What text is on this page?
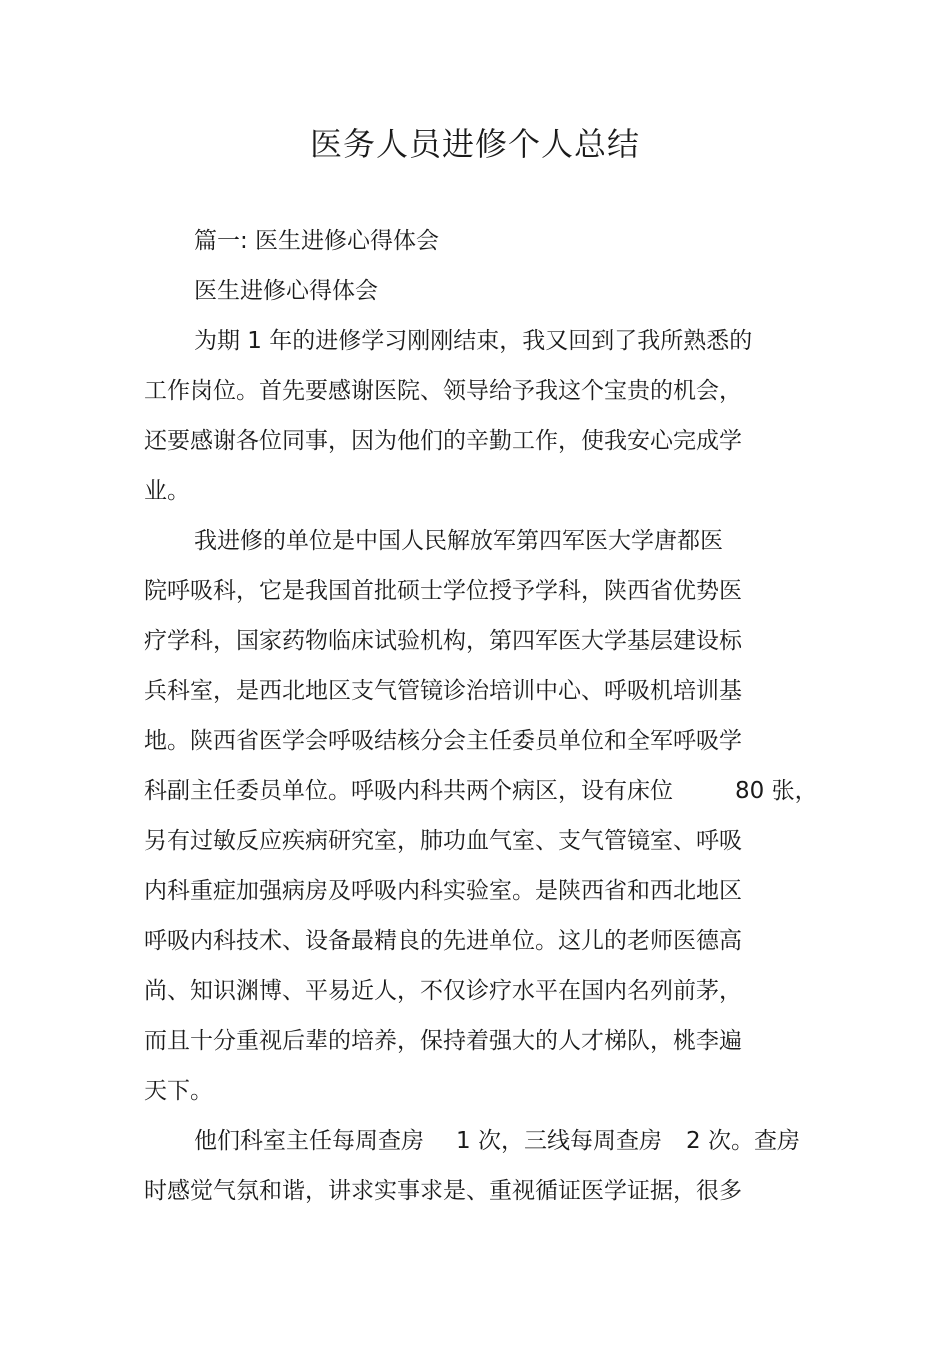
医务人员进修个人总结
篇一: 医生进修心得体会
医生进修心得体会
为期 1 年的进修学习刚刚结束，我又回到了我所熟悉的
工作岗位。首先要感谢医院、领导给予我这个宝贵的机会，
还要感谢各位同事，因为他们的辛勤工作，使我安心完成学
业。
我进修的单位是中国人民解放军第四军医大学唐都医
院呼吸科，它是我国首批硕士学位授予学科，陕西省优势医
疗学科，国家药物临床试验机构，第四军医大学基层建设标
兵科室，是西北地区支气管镜诊治培训中心、呼吸机培训基
地。陕西省医学会呼吸结核分会主任委员单位和全军呼吸学
科副主任委员单位。呼吸内科共两个病区，设有床位	80 张，
另有过敏反应疾病研究室，肺功血气室、支气管镜室、呼吸
内科重症加强病房及呼吸内科实验室。是陕西省和西北地区
呼吸内科技术、设备最精良的先进单位。这儿的老师医德高
尚、知识渊博、平易近人，不仅诊疗水平在国内名列前茅，
而且十分重视后辈的培养，保持着强大的人才梯队，桃李遍
天下。
他们科室主任每周查房 1 次，三线每周查房 2 次。查房
时感觉气氛和谐，讲求实事求是、重视循证医学证据，很多
